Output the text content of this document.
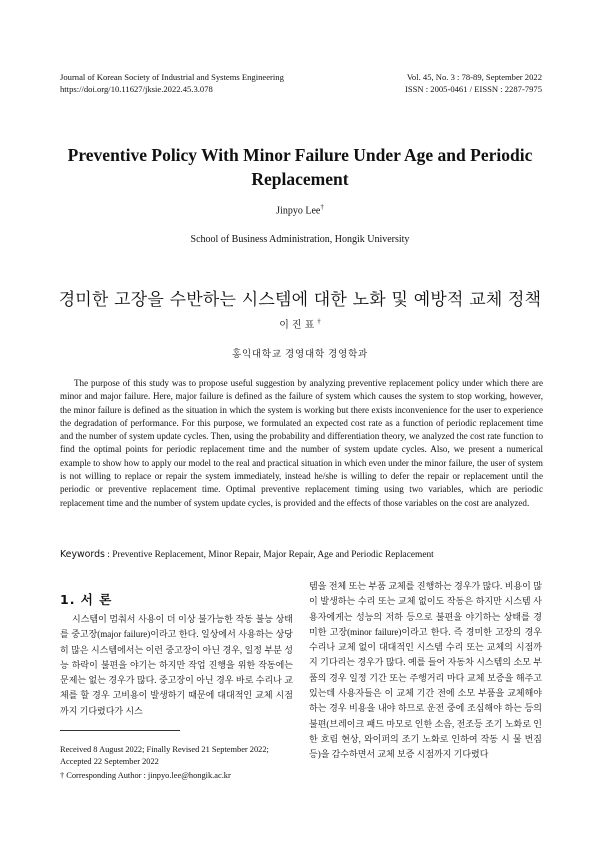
Journal of Korean Society of Industrial and Systems Engineering
https://doi.org/10.11627/jksie.2022.45.3.078
Vol. 45, No. 3 : 78-89, September 2022
ISSN : 2005-0461 / EISSN : 2287-7975
Preventive Policy With Minor Failure Under Age and Periodic Replacement
Jinpyo Lee†
School of Business Administration, Hongik University
경미한 고장을 수반하는 시스템에 대한 노화 및 예방적 교체 정책
이진표†
홍익대학교 경영대학 경영학과

The purpose of this study was to propose useful suggestion by analyzing preventive replacement policy under which there are minor and major failure. Here, major failure is defined as the failure of system which causes the system to stop working, however, the minor failure is defined as the situation in which the system is working but there exists inconvenience for the user to experience the degradation of performance. For this purpose, we formulated an expected cost rate as a function of periodic replacement time and the number of system update cycles. Then, using the probability and differentiation theory, we analyzed the cost rate function to find the optimal points for periodic replacement time and the number of system update cycles. Also, we present a numerical example to show how to apply our model to the real and practical situation in which even under the minor failure, the user of system is not willing to replace or repair the system immediately, instead he/she is willing to defer the repair or replacement until the periodic or preventive replacement time. Optimal preventive replacement timing using two variables, which are periodic replacement time and the number of system update cycles, is provided and the effects of those variables on the cost are analyzed.

Keywords : Preventive Replacement, Minor Repair, Major Repair, Age and Periodic Replacement
1. 서 론

시스템이 멈춰서 사용이 더 이상 불가능한 작동 불능 상태를 중고장(major failure)이라고 한다. 일상에서 사용하는 상당히 많은 시스템에서는 이런 중고장이 아닌 경우, 일정 부분 성능 하락이 불편을 야기는 하지만 작업 진행을 위한 작동에는 문제는 없는 경우가 많다. 중고장이 아닌 경우 바로 수리나 교체를 할 경우 고비용이 발생하기 때문에 대대적인 교체 시점까지 기다렸다가 시스

템을 전체 또는 부품 교체를 진행하는 경우가 많다. 비용이 많이 발생하는 수리 또는 교체 없이도 작동은 하지만 시스템 사용자에게는 성능의 저하 등으로 불편을 야기하는 상태를 경미한 고장(minor failure)이라고 한다. 즉 경미한 고장의 경우 수리나 교체 없이 대대적인 시스템 수리 또는 교체의 시점까지 기다리는 경우가 많다. 예를 들어 자동차 시스템의 소모 부품의 경우 일정 기간 또는 주행거리 마다 교체 보증을 해주고 있는데 사용자들은 이 교체 기간 전에 소모 부품을 교체해야 하는 경우 비용을 내야 하므로 운전 중에 조심해야 하는 등의 불편(브레이크 패드 마모로 인한 소음, 전조등 조기 노화로 인한 흐림 현상, 와이퍼의 조기 노화로 인하여 작동 시 물 번짐 등)을 감수하면서 교체 보증 시점까지 기다렸다

Received 8 August 2022; Finally Revised 21 September 2022; Accepted 22 September 2022
† Corresponding Author : jinpyo.lee@hongik.ac.kr
